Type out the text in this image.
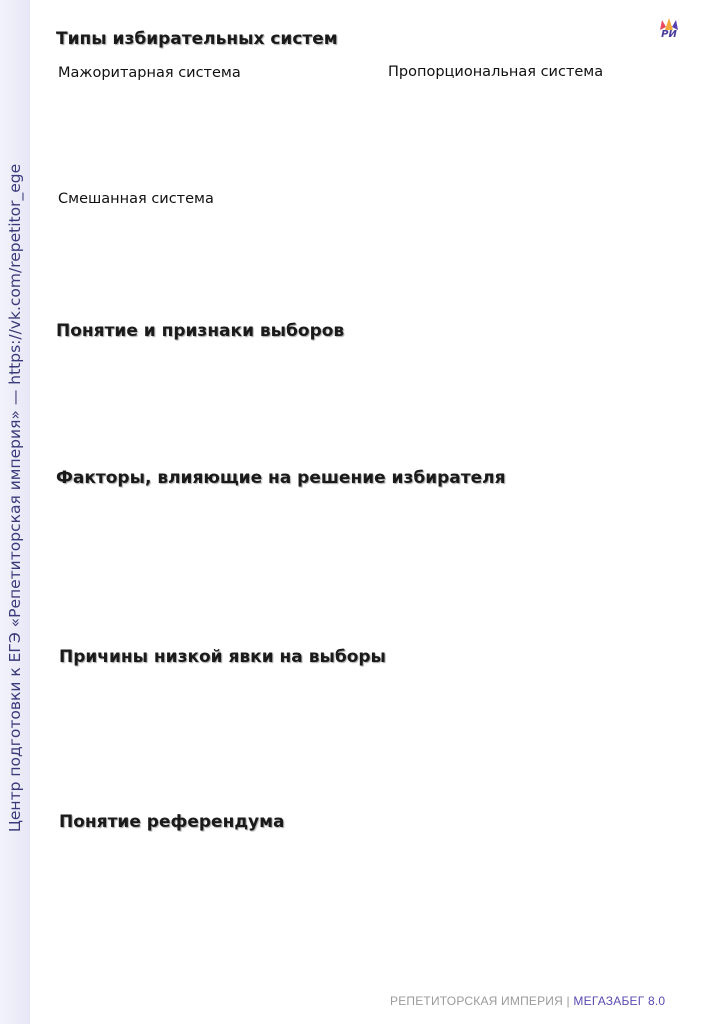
Центр подготовки к ЕГЭ «Репетиторская империя» — https://vk.com/repetitor_ege
РИ
Типы избирательных систем
Мажоритарная система	Пропорциональная система
Смешанная система
Понятие и признаки выборов
Факторы, влияющие на решение избирателя
Причины низкой явки на выборы
Понятие референдума
РЕПЕТИТОРСКАЯ ИМПЕРИЯ | МЕГАЗАБЕГ 8.0
